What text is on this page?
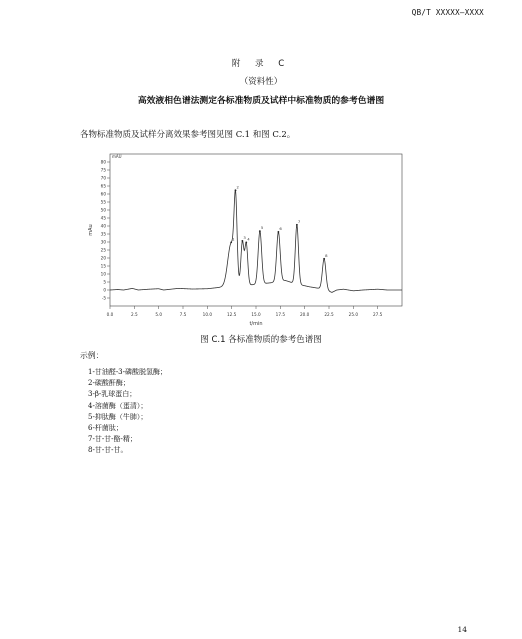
QB/T XXXXX—XXXX
附 录 C
（资料性）
高效液相色谱法测定各标准物质及试样中标准物质的参考色谱图
各物标准物质及试样分离效果参考图见图 C.1 和图 C.2。
0.0	2.5	5.0	7.5	10.0	12.5	15.0	17.5	20.0	22.5	25.0	27.5
-5
0
5
10
15
20
25
30
35
40
45
50
55
60
65
70
75
80
t/min
mAu
mAU
1
2
3 4
5	6
7
8
图 C.1 各标准物质的参考色谱图
示例：
1-甘油醛-3-磷酸脱氢酶；
2-碳酸酐酶；
3-β-乳球蛋白；
4-溶菌酶（蛋清）；
5-抑肽酶（牛肺）；
6-杆菌肽；
7-甘-甘-酪-精；
8-甘-甘-甘。
14
